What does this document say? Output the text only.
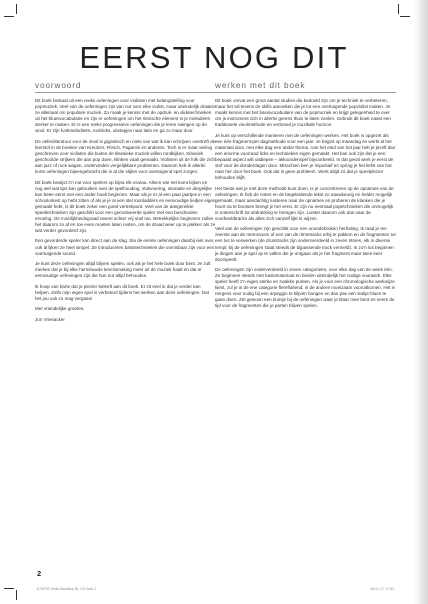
EERST NOG DIT
voorwoord

Dit boek bestaat uit een reeks oefeningen voor violisten met belangstelling voor popmuziek. Veel van de oefeningen zijn van nut voor elke violist, maar uiteindelijk draaien ze allemaal om populaire muziek. Zo maak je kennis met de opdruk- en slidetechnieken uit het bluesvocabulaire en zijn er oefeningen om het ritmische element in je melodieën sterker te maken. Er is een reeks progressieve oefeningen die je leren swingen op de viool. Er zijn funkmelodieën, rocklicks, uitstapjes naar latin en ga zo maar door.

De oefenliteratuur voor de viool is gigantisch en niets van wat ik kan schrijven overtreft de leerstof in de boeken van Kreutzer, Flesch, Paganini en anderen. Toch is er maar weinig geschreven voor violisten die buiten de klassieke muziek willen rondkijken. Klassiek geschoolde strijkers die aan pop doen, klinken vaak gemaakt. Violisten uit de folk die zich aan jazz of rock wagen, ondervinden vergelijkbare problemen. Daarom heb ik allerlei korte oefeningen bijeengebracht die in al die stijlen voor overtuigend spel zorgen.

Dit boek bewijst z'n nut voor spelers op bijna elk niveau. Alleen wie net komt kijken en nog wel wat tips kan gebruiken over de spelhouding, stokvoering, intonatie en dergelijke kan beter eerst met een ander boek beginnen. Maar als je er al een paar jaartjes in een schoolorkest op hebt zitten of als je je al een stel toonladders en eenvoudige liedjes eigen gemaakt hebt, is dit boek zeker een goed vertrekpunt. Veel van de aangereikte speeltechnieken zijn geschikt voor een gemotiveerde speler met een bescheiden ervaring. De moeilijkheidsgraad neemt echter vrij snel toe. Betrekkelijke beginners zullen het daarom zo af en toe even moeten laten rusten, om de draad weer op te pakken als ze wat verder gevorderd zijn.

Een gevorderde speler kan direct aan de slag. Sla de eerste oefeningen daarbij niet over, ook al lijken ze heel simpel. Ze introduceren basistechnieken die onmisbaar zijn voor een overtuigende sound.

Je kunt deze oefeningen altijd blijven spelen, ook als je het hele boek door bent. Je zult merken dat je bij elke herniéuwde kennismaking meer uit de muziek haalt en dat er eenvoudige oefeningen zijn die hun nut altijd behouden.

Ik hoop van harte dat je plezier beleeft aan dit boek. Er zit veel in dat je verder kan helpen. Zelfs mijn eigen spel is verbeterd tijdens het werken aan deze oefeningen. Dat het jou ook zo mag vergaan!

Met vriendelijke groeten,

Jon Vriesacker

werken met dit boek

Dit boek omvat een groot aantal studies die bedoeld zijn om je techniek te verbeteren, maar het wil tevens de skills aanreiken die je tot een overtuigende popviolist maken. Je maakt kennis met het basisvocabulaire van de popmuziek en krijgt gelegenheid te over om je instrument zich in allerlei genres thuis te laten voelen. Gebruik dit boek naast een traditionele vioolmethode en verbreed je muzikale horizon.

Je kunt op verschillende manieren met de oefeningen werken. Het boek is opgezet als een één-fragment-per-dagmethode voor een jaar. Je begint op maandag en werkt al het materiaal door, met elke dag een ander thema. Aan het eind van het jaar heb je jezelf dan een enorme voorraad licks en technieken eigen gemaakt. Het kan ook zijn dat je een bepaald aspect wilt uitdiepen – akkoordenspel bijvoorbeeld. In dat geval werk je eerst de stof voor de donderdagen door. Misschien ben je impulsief en spring je het liefst van hot naar her door het boek. Ook dat is geen probleem. Werk altijd zó dat je speelplezier behouden blijft.

Het beste wat je met deze methode kunt doen, is je concentreren op de opnames van de oefeningen. Ik heb de noten en de begeleidende tekst zo nauwkeurig en helder mogelijk gemaakt, maar aandachtig luisteren naar de opnames en proberen de klanken die je hoort na te bootsen brengt je het verst. Er zijn nu eenmaal popetchnieken die onmogelijk in notenschrift tot uitdrukking te brengen zijn. Luister daarom ook dan naar de voorbeeldtracks als alles zich vanzelf lijkt te wijzen.

Veel van de oefeningen zijn geschikt voor een onondebroken herhaling. Ik raad je ten zeerste aan de metronoom of een van de ritmetracks erbij te pakken en de fragmenten tot een lus te verwerken (de drumtracks zijn ondersverdeeld in zeven ritmes, elk in diverse tempi; bij de oefeningen staat steeds de bijpassende track vermeld). In zo'n lus beginnen je dingen aan je spel op te vallen die je ontgaan als je het fragment maar twee keer doorspeelt.

De oefeningen zijn onderverdeeld in zeven categorieën, voor elke dag van de week één. Ze beginnen steeds met basismateriaal en bieden uiteindelijk het nodige vuurwerk. Elke speler heeft z'n eigen sterke en zwakke punten. Als je voor een chronologische werkwijze kiest, zul je in de ene categorie flerefluitend, in de andere moeizaam vooruitkomen. Het is nergens voor nodig bij een arpeggio te blijven hangen en dan pas een stukje blues te gaan doen. Zet gewoon een kruisje bij de oefeningen waar je klaar mee bent en neem de tijd voor de fragmenten die je parten blijven spelen.

2
1176752 Violin Aanders NL CC.indd 2	28.01.17 17:51
